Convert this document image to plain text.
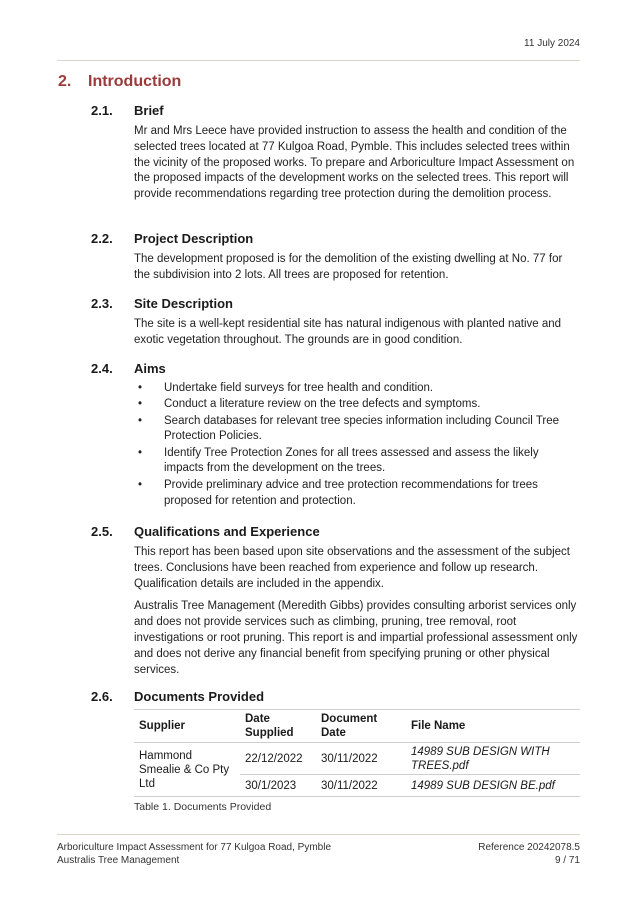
11 July 2024
2. Introduction
2.1. Brief

Mr and Mrs Leece have provided instruction to assess the health and condition of the selected trees located at 77 Kulgoa Road, Pymble. This includes selected trees within the vicinity of the proposed works. To prepare and Arboriculture Impact Assessment on the proposed impacts of the development works on the selected trees. This report will provide recommendations regarding tree protection during the demolition process.

2.2. Project Description

The development proposed is for the demolition of the existing dwelling at No. 77 for the subdivision into 2 lots. All trees are proposed for retention.

2.3. Site Description

The site is a well-kept residential site has natural indigenous with planted native and exotic vegetation throughout. The grounds are in good condition.

2.4. Aims
• Undertake field surveys for tree health and condition.
• Conduct a literature review on the tree defects and symptoms.
• Search databases for relevant tree species information including Council Tree Protection Policies.
• Identify Tree Protection Zones for all trees assessed and assess the likely impacts from the development on the trees.
• Provide preliminary advice and tree protection recommendations for trees proposed for retention and protection.
2.5. Qualifications and Experience

This report has been based upon site observations and the assessment of the subject trees. Conclusions have been reached from experience and follow up research. Qualification details are included in the appendix.

Australis Tree Management (Meredith Gibbs) provides consulting arborist services only and does not provide services such as climbing, pruning, tree removal, root investigations or root pruning. This report is and impartial professional assessment only and does not derive any financial benefit from specifying pruning or other physical services.

2.6. Documents Provided
Supplier	Date Supplied	Document Date	File Name
Hammond Smealie & Co Pty Ltd	22/12/2022	30/11/2022	14989 SUB DESIGN WITH TREES.pdf
	30/1/2023	30/11/2022	14989 SUB DESIGN BE.pdf
Table 1. Documents Provided
Arboriculture Impact Assessment for 77 Kulgoa Road, Pymble
Australis Tree Management
Reference 20242078.5
9 / 71
